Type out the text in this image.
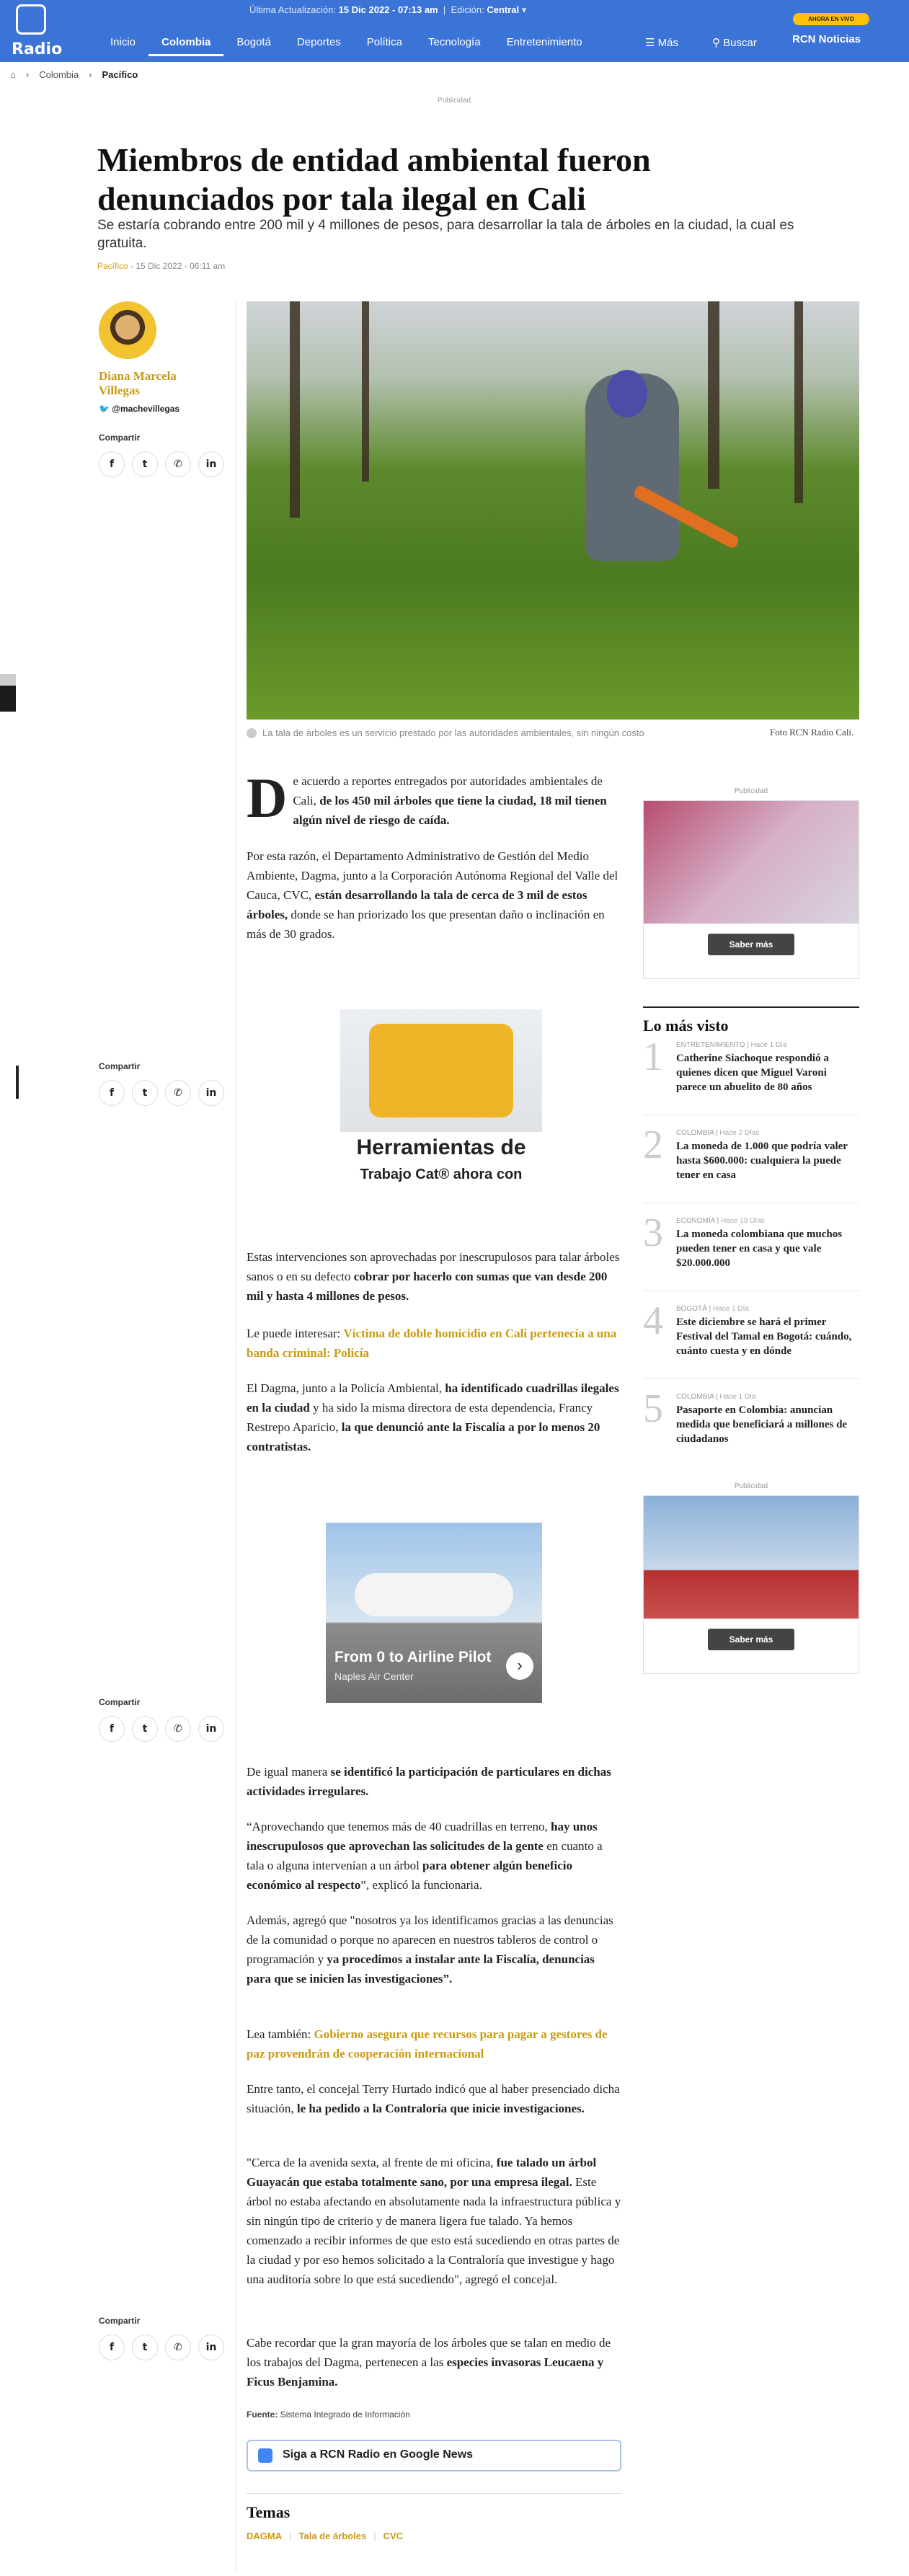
Radio
Última Actualización: 15 Dic 2022 - 07:13 am  |  Edición: Central ▾
Inicio	Colombia	Bogotá	Deportes	Política	Tecnología	Entretenimiento	☰ Más	⚲ Buscar
AHORA EN VIVO
RCN Noticias
⌂ › Colombia › Pacífico
Publicidad
Miembros de entidad ambiental fueron denunciados por tala ilegal en Cali
Se estaría cobrando entre 200 mil y 4 millones de pesos, para desarrollar la tala de árboles en la ciudad, la cual es gratuita.
Pacífico - 15 Dic 2022 - 06:11 am
Diana Marcela Villegas
🐦 @machevillegas
Compartir
f	t	✆	in
Compartir
f	t	✆	in
Compartir
f	t	✆	in
Compartir
f	t	✆	in
La tala de árboles es un servicio prestado por las autoridades ambientales, sin ningún costo	Foto RCN Radio Cali.
De acuerdo a reportes entregados por autoridades ambientales de Cali, de los 450 mil árboles que tiene la ciudad, 18 mil tienen algún nivel de riesgo de caída.
Por esta razón, el Departamento Administrativo de Gestión del Medio Ambiente, Dagma, junto a la Corporación Autónoma Regional del Valle del Cauca, CVC, están desarrollando la tala de cerca de 3 mil de estos árboles, donde se han priorizado los que presentan daño o inclinación en más de 30 grados.
Herramientas de
Trabajo Cat® ahora con
Estas intervenciones son aprovechadas por inescrupulosos para talar árboles sanos o en su defecto cobrar por hacerlo con sumas que van desde 200 mil y hasta 4 millones de pesos.
Le puede interesar: Víctima de doble homicidio en Cali pertenecía a una banda criminal: Policía
El Dagma, junto a la Policía Ambiental, ha identificado cuadrillas ilegales en la ciudad y ha sido la misma directora de esta dependencia, Francy Restrepo Aparicio, la que denunció ante la Fiscalía a por lo menos 20 contratistas.
From 0 to Airline Pilot
Naples Air Center
›
De igual manera se identificó la participación de particulares en dichas actividades irregulares.
“Aprovechando que tenemos más de 40 cuadrillas en terreno, hay unos inescrupulosos que aprovechan las solicitudes de la gente en cuanto a tala o alguna intervenían a un árbol para obtener algún beneficio económico al respecto”, explicó la funcionaria.
Además, agregó que "nosotros ya los identificamos gracias a las denuncias de la comunidad o porque no aparecen en nuestros tableros de control o programación y ya procedimos a instalar ante la Fiscalía, denuncias para que se inicien las investigaciones”.
Lea también: Gobierno asegura que recursos para pagar a gestores de paz provendrán de cooperación internacional
Entre tanto, el concejal Terry Hurtado indicó que al haber presenciado dicha situación, le ha pedido a la Contraloría que inicie investigaciones.
"Cerca de la avenida sexta, al frente de mi oficina, fue talado un árbol Guayacán que estaba totalmente sano, por una empresa ilegal. Este árbol no estaba afectando en absolutamente nada la infraestructura pública y sin ningún tipo de criterio y de manera ligera fue talado. Ya hemos comenzado a recibir informes de que esto está sucediendo en otras partes de la ciudad y por eso hemos solicitado a la Contraloría que investigue y hago una auditoría sobre lo que está sucediendo", agregó el concejal.
Cabe recordar que la gran mayoría de los árboles que se talan en medio de los trabajos del Dagma, pertenecen a las especies invasoras Leucaena y Ficus Benjamina.
Fuente: Sistema Integrado de Información
Siga a RCN Radio en Google News
Temas
DAGMA | Tala de árboles | CVC
Publicidad
Saber más
Lo más visto
1 ENTRETENIMIENTO | Hace 1 Día
Catherine Siachoque respondió a quienes dicen que Miguel Varoni parece un abuelito de 80 años
2 COLOMBIA | Hace 2 Días
La moneda de 1.000 que podría valer hasta $600.000: cualquiera la puede tener en casa
3 ECONOMÍA | Hace 19 Días
La moneda colombiana que muchos pueden tener en casa y que vale $20.000.000
4 BOGOTÁ | Hace 1 Día
Este diciembre se hará el primer Festival del Tamal en Bogotá: cuándo, cuánto cuesta y en dónde
5 COLOMBIA | Hace 1 Día
Pasaporte en Colombia: anuncian medida que beneficiará a millones de ciudadanos
Publicidad
Saber más
